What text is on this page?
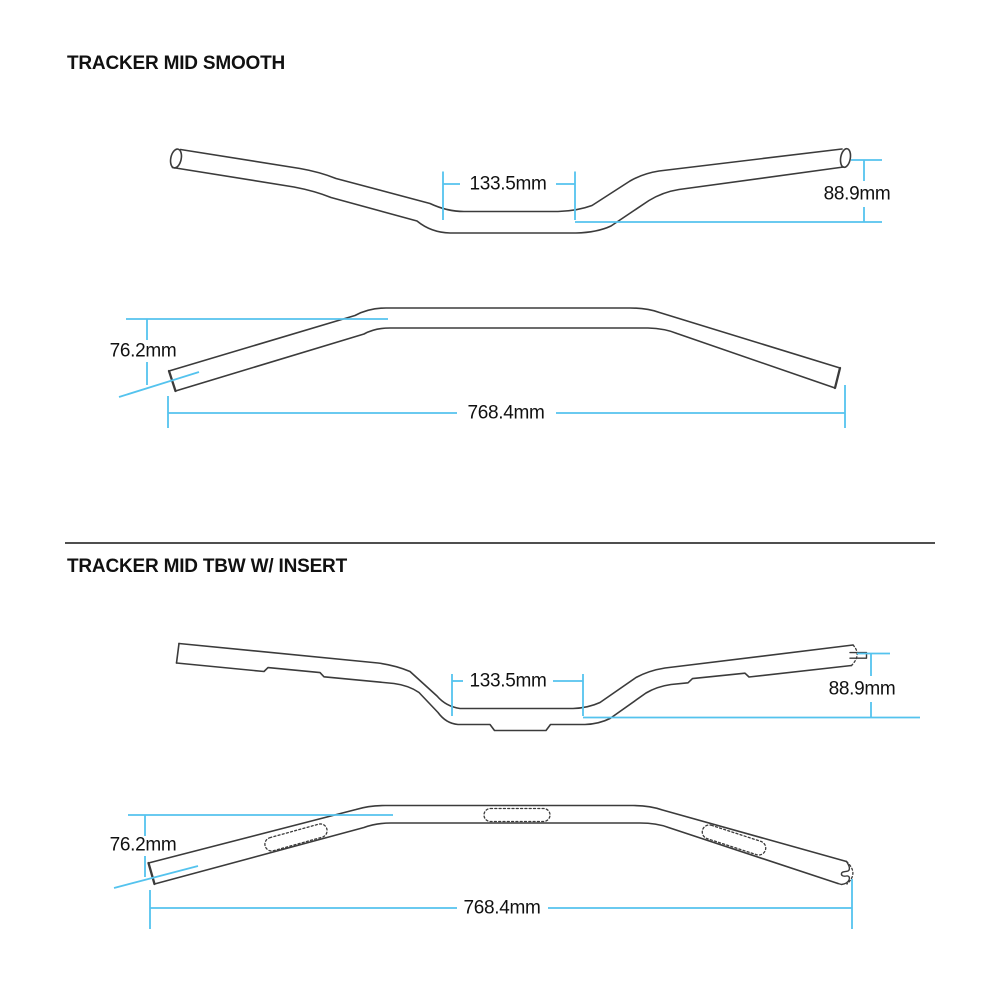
TRACKER MID SMOOTH
133.5mm	88.9mm
76.2mm
768.4mm
TRACKER MID TBW W/ INSERT
133.5mm	88.9mm
76.2mm
768.4mm
